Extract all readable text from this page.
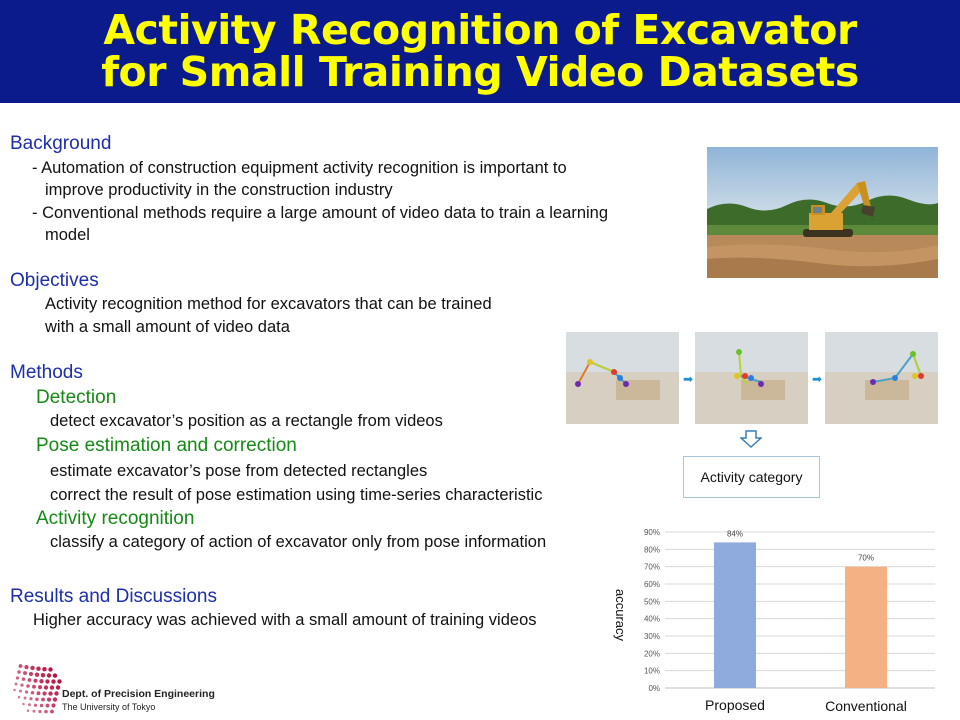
Activity Recognition of Excavator
for Small Training Video Datasets
Background
- Automation of construction equipment activity recognition is important to
improve productivity in the construction industry
- Conventional methods require a large amount of video data to train a learning
model
Objectives
Activity recognition method for excavators that can be trained
with a small amount of video data
Methods
Detection
detect excavator’s position as a rectangle from videos
Pose estimation and correction
estimate excavator’s pose from detected rectangles
correct the result of pose estimation using time-series characteristic
Activity recognition
classify a category of action of excavator only from pose information
Results and Discussions
Higher accuracy was achieved with a small amount of training videos
➡	➡
Activity category
0%
10%
20%
30%
40%
50%
60%
70%
80%
90%	84%
70%
Proposed	Conventional
accuracy
Dept. of Precision Engineering
The University of Tokyo
